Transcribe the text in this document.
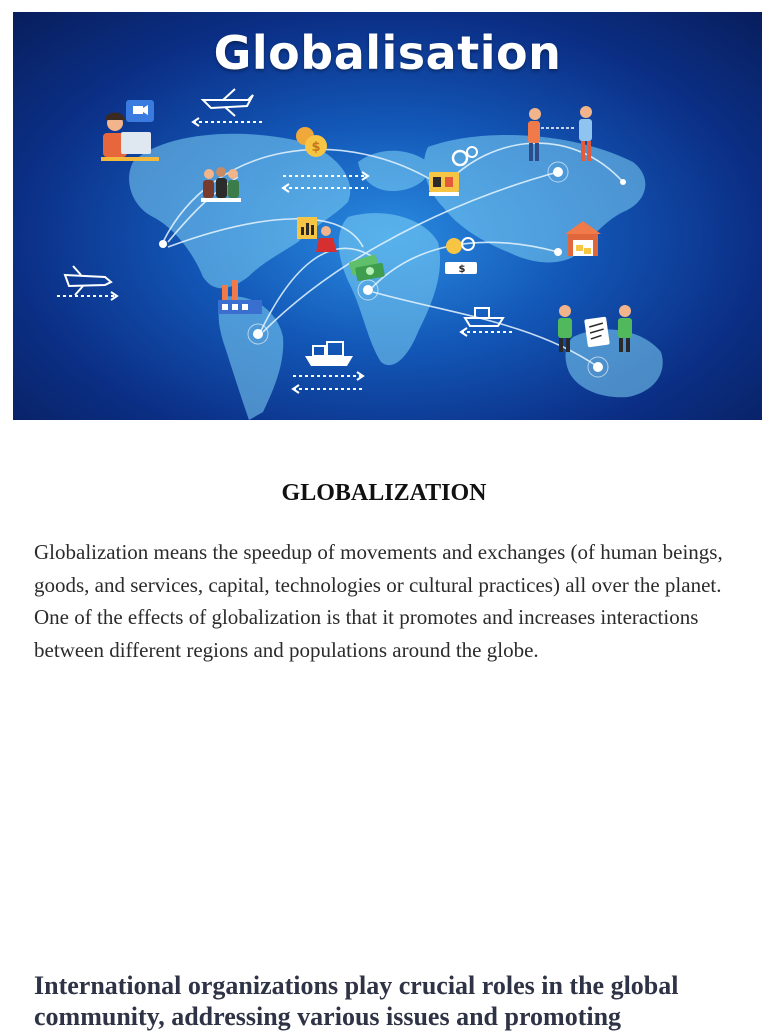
$
$
Globalisation
GLOBALIZATION
Globalization means the speedup of movements and exchanges (of human beings, goods, and services, capital, technologies or cultural practices) all over the planet. One of the effects of globalization is that it promotes and increases interactions between different regions and populations around the globe.
International organizations play crucial roles in the global community, addressing various issues and promoting
